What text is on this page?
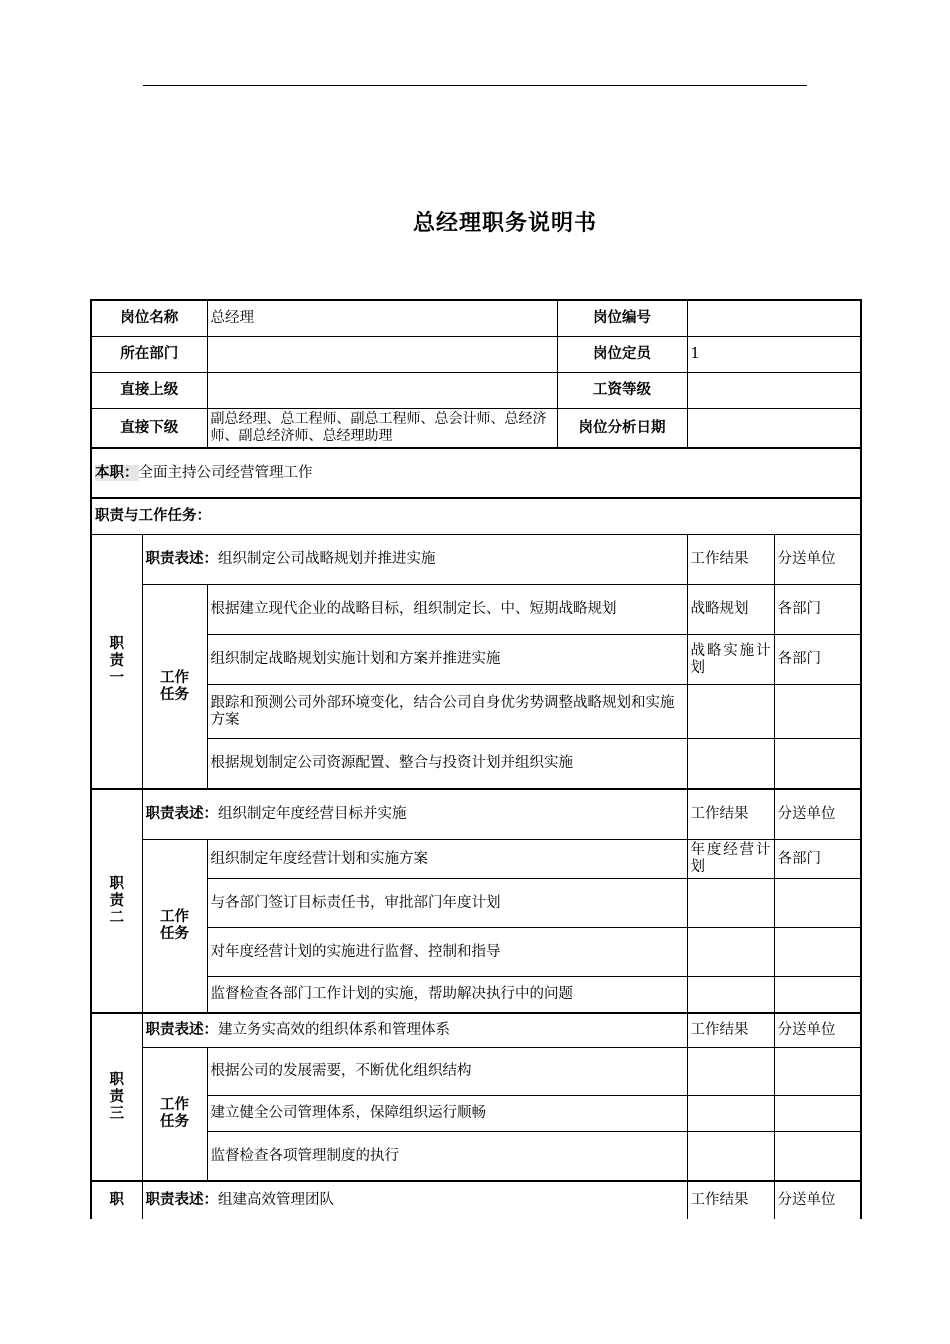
总经理职务说明书
岗位名称	总经理	岗位编号	
所在部门		岗位定员	1
直接上级		工资等级	
直接下级	副总经理、总工程师、副总工程师、总会计师、总经济师、副总经济师、总经理助理	岗位分析日期	
本职：全面主持公司经营管理工作				
职责与工作任务：				
职
责
一	职责表述：组织制定公司战略规划并推进实施		工作结果	分送单位
	工作
任务			
		根据建立现代企业的战略目标，组织制定长、中、短期战略规划	战略规划	各部门
		组织制定战略规划实施计划和方案并推进实施	战略实施计划	各部门
		跟踪和预测公司外部环境变化，结合公司自身优劣势调整战略规划和实施方案		
		根据规划制定公司资源配置、整合与投资计划并组织实施		
职
责
二	职责表述：组织制定年度经营目标并实施		工作结果	分送单位
	工作
任务			
		组织制定年度经营计划和实施方案	年度经营计划	各部门
		与各部门签订目标责任书，审批部门年度计划		
		对年度经营计划的实施进行监督、控制和指导		
		监督检查各部门工作计划的实施，帮助解决执行中的问题		
职
责
三	职责表述：建立务实高效的组织体系和管理体系		工作结果	分送单位
	工作
任务			
		根据公司的发展需要，不断优化组织结构		
		建立健全公司管理体系，保障组织运行顺畅		
		监督检查各项管理制度的执行		
职	职责表述：组建高效管理团队		工作结果	分送单位
